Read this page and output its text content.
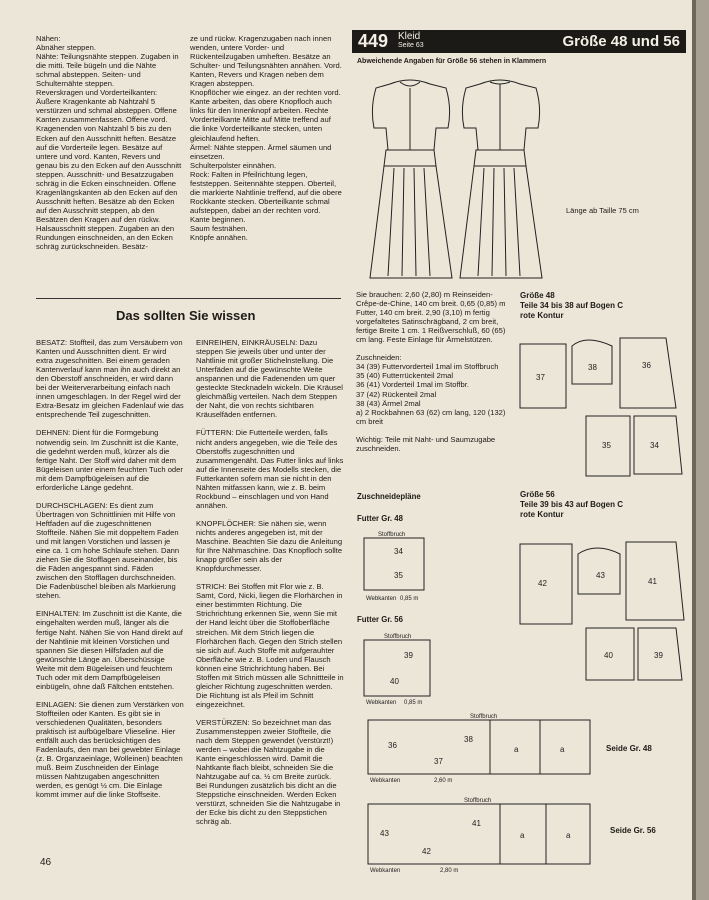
Nähen:
Abnäher steppen.
Nähte: Teilungsnähte steppen. Zugaben in die mitti. Teile bügeln und die Nähte schmal absteppen. Seiten- und Schulternähte steppen.
Reverskragen und Vorderteilkanten: Äußere Kragenkante ab Nahtzahl 5 verstürzen und schmal absteppen. Offene Kanten zusammenfassen. Offene vord. Kragenenden von Nahtzahl 5 bis zu den Ecken auf den Ausschnitt heften. Besätze auf die Vorderteile legen. Besätze auf untere und vord. Kanten, Revers und genau bis zu den Ecken auf den Ausschnitt steppen. Ausschnitt- und Besatzzugaben schräg in die Ecken einschneiden. Offene Kragenlängskanten ab den Ecken auf den Ausschnitt heften. Besätze ab den Ecken auf den Ausschnitt steppen, ab den Besätzen den Kragen auf den rückw. Halsausschnitt steppen. Zugaben an den Rundungen einschneiden, an den Ecken schräg zurückschneiden. Besätz-

ze und rückw. Kragenzugaben nach innen wenden, untere Vorder- und Rückenteilzugaben umheften. Besätze an Schulter- und Teilungsnähten annähen. Vord. Kanten, Revers und Kragen neben dem Kragen absteppen.
Knopflöcher wie eingez. an der rechten vord. Kante arbeiten, das obere Knopfloch auch links für den Innenknopf arbeiten. Rechte Vorderteilkante Mitte auf Mitte treffend auf die linke Vorderteilkante stecken, unten gleichlaufend heften.
Ärmel: Nähte steppen. Ärmel säumen und einsetzen.
Schulterpolster einnähen.
Rock: Falten in Pfeilrichtung legen, feststeppen. Seitennähte steppen. Oberteil, die markierte Nahtlinie treffend, auf die obere Rockkante stecken. Oberteilkante schmal aufsteppen, dabei an der rechten vord. Kante beginnen.
Saum festnähen.
Knöpfe annähen.

449 Kleid
Seite 63	Größe 48 und 56
Abweichende Angaben für Größe 56 stehen in Klammern
Länge ab Taille 75 cm
Das sollten Sie wissen

BESATZ: Stoffteil, das zum Versäubern von Kanten und Ausschnitten dient. Er wird extra zugeschnitten. Bei einem geraden Kantenverlauf kann man ihn auch direkt an den Oberstoff anschneiden, er wird dann bei der Weiterverarbeitung einfach nach innen umgeschlagen. In der Regel wird der Extra-Besatz im gleichen Fadenlauf wie das entsprechende Teil zugeschnitten.

DEHNEN: Dient für die Formgebung notwendig sein. Im Zuschnitt ist die Kante, die gedehnt werden muß, kürzer als die fertige Naht. Der Stoff wird daher mit dem Bügeleisen unter einem feuchten Tuch oder mit dem Dampfbügeleisen auf die erforderliche Länge gedehnt.

DURCHSCHLAGEN: Es dient zum Übertragen von Schnittlinien mit Hilfe von Heftfaden auf die zugeschnittenen Stoffteile. Nähen Sie mit doppeltem Faden und mit langen Vorstichen und lassen je eine ca. 1 cm hohe Schlaufe stehen. Dann ziehen Sie die Stofflagen auseinander, bis die Fäden angespannt sind. Fäden zwischen den Stofflagen durchschneiden. Die Fadenbüschel bleiben als Markierung stehen.

EINHALTEN: Im Zuschnitt ist die Kante, die eingehalten werden muß, länger als die fertige Naht. Nähen Sie von Hand direkt auf der Nahtlinie mit kleinen Vorstichen und spannen Sie diesen Hilfsfaden auf die gewünschte Länge an. Überschüssige Weite mit dem Bügeleisen und feuchtem Tuch oder mit dem Dampfbügeleisen einbügeln, ohne daß Fältchen entstehen.

EINLAGEN: Sie dienen zum Verstärken von Stoffteilen oder Kanten. Es gibt sie in verschiedenen Qualitäten, besonders praktisch ist aufbügelbare Vlieseline. Hier entfällt auch das berücksichtigen des Fadenlaufs, den man bei gewebter Einlage (z. B. Organzaeinlage, Wolleinen) beachten muß. Beim Zuschneiden der Einlage müssen Nahtzugaben angeschnitten werden, es genügt ½ cm. Die Einlage kommt immer auf die linke Stoffseite.

EINREIHEN, EINKRÄUSELN: Dazu steppen Sie jeweils über und unter der Nahtlinie mit großer Stichelnstellung. Die Unterfäden auf die gewünschte Weite anspannen und die Fadenenden um quer gesteckte Stecknadeln wickeln. Die Kräusel gleichmäßig verteilen. Nach dem Steppen der Naht, die von rechts sichtbaren Kräuselfäden entfernen.

FÜTTERN: Die Futterteile werden, falls nicht anders angegeben, wie die Teile des Oberstoffs zugeschnitten und zusammengenäht. Das Futter links auf links auf die Innenseite des Modells stecken, die Futterkanten sofern man sie nicht in den Nähten mitfassen kann, wie z. B. beim Rockbund – einschlagen und von Hand annähen.

KNOPFLÖCHER: Sie nähen sie, wenn nichts anderes angegeben ist, mit der Maschine. Beachten Sie dazu die Anleitung für Ihre Nähmaschine. Das Knopfloch sollte knapp größer sein als der Knopfdurchmesser.

STRICH: Bei Stoffen mit Flor wie z. B. Samt, Cord, Nicki, liegen die Florhärchen in einer bestimmten Richtung. Die Strichrichtung erkennen Sie, wenn Sie mit der Hand leicht über die Stoffoberfläche streichen. Mit dem Strich liegen die Florhärchen flach. Gegen den Strich stellen sie sich auf. Auch Stoffe mit aufgerauhter Oberfläche wie z. B. Loden und Flausch können eine Strichrichtung haben. Bei Stoffen mit Strich müssen alle Schnittteile in gleicher Richtung zugeschnitten werden. Die Richtung ist als Pfeil im Schnitt eingezeichnet.

VERSTÜRZEN: So bezeichnet man das Zusammensteppen zweier Stoffteile, die nach dem Steppen gewendet (verstürzt!) werden – wobei die Nahtzugabe in die Kante eingeschlossen wird. Damit die Nahtkante flach bleibt, schneiden Sie die Nahtzugabe auf ca. ½ cm Breite zurück. Bei Rundungen zusätzlich bis dicht an die Steppstiche einschneiden. Werden Ecken verstürzt, schneiden Sie die Nahtzugabe in der Ecke bis dicht zu den Steppstichen schräg ab.

Sie brauchen: 2,60 (2,80) m Reinseiden-Crêpe-de-Chine, 140 cm breit. 0,65 (0,85) m Futter, 140 cm breit. 2,90 (3,10) m fertig vorgefaltetes Satinschrägband, 2 cm breit, fertige Breite 1 cm. 1 Reißverschluß, 60 (65) cm lang. Feste Einlage für Ärmelstützen.

Zuschneiden:
34 (39) Futtervorderteil 1mal im Stoffbruch
35 (40) Futterrückenteil 2mal
36 (41) Vorderteil 1mal im Stoffbr.
37 (42) Rückenteil 2mal
38 (43) Ärmel 2mal
a) 2 Rockbahnen 63 (62) cm lang, 120 (132) cm breit

Wichtig: Teile mit Naht- und Saumzugabe zuschneiden.

Größe 48
Teile 34 bis 38 auf Bogen C
rote Kontur

37
38	36
35	34

Größe 56
Teile 39 bis 43 auf Bogen C
rote Kontur

42
43
41
40	39
Zuschneidepläne
Futter Gr. 48
Stoffbruch
34
35
Webkanten 0,85 m
Futter Gr. 56
Stoffbruch
39
40
Webkanten 0,85 m
Stoffbruch
36
37
38
a	a
Webkanten	2,60 m
Seide Gr. 48
Stoffbruch
43
42
41
a	a
Webkanten	2,80 m
Seide Gr. 56
46
